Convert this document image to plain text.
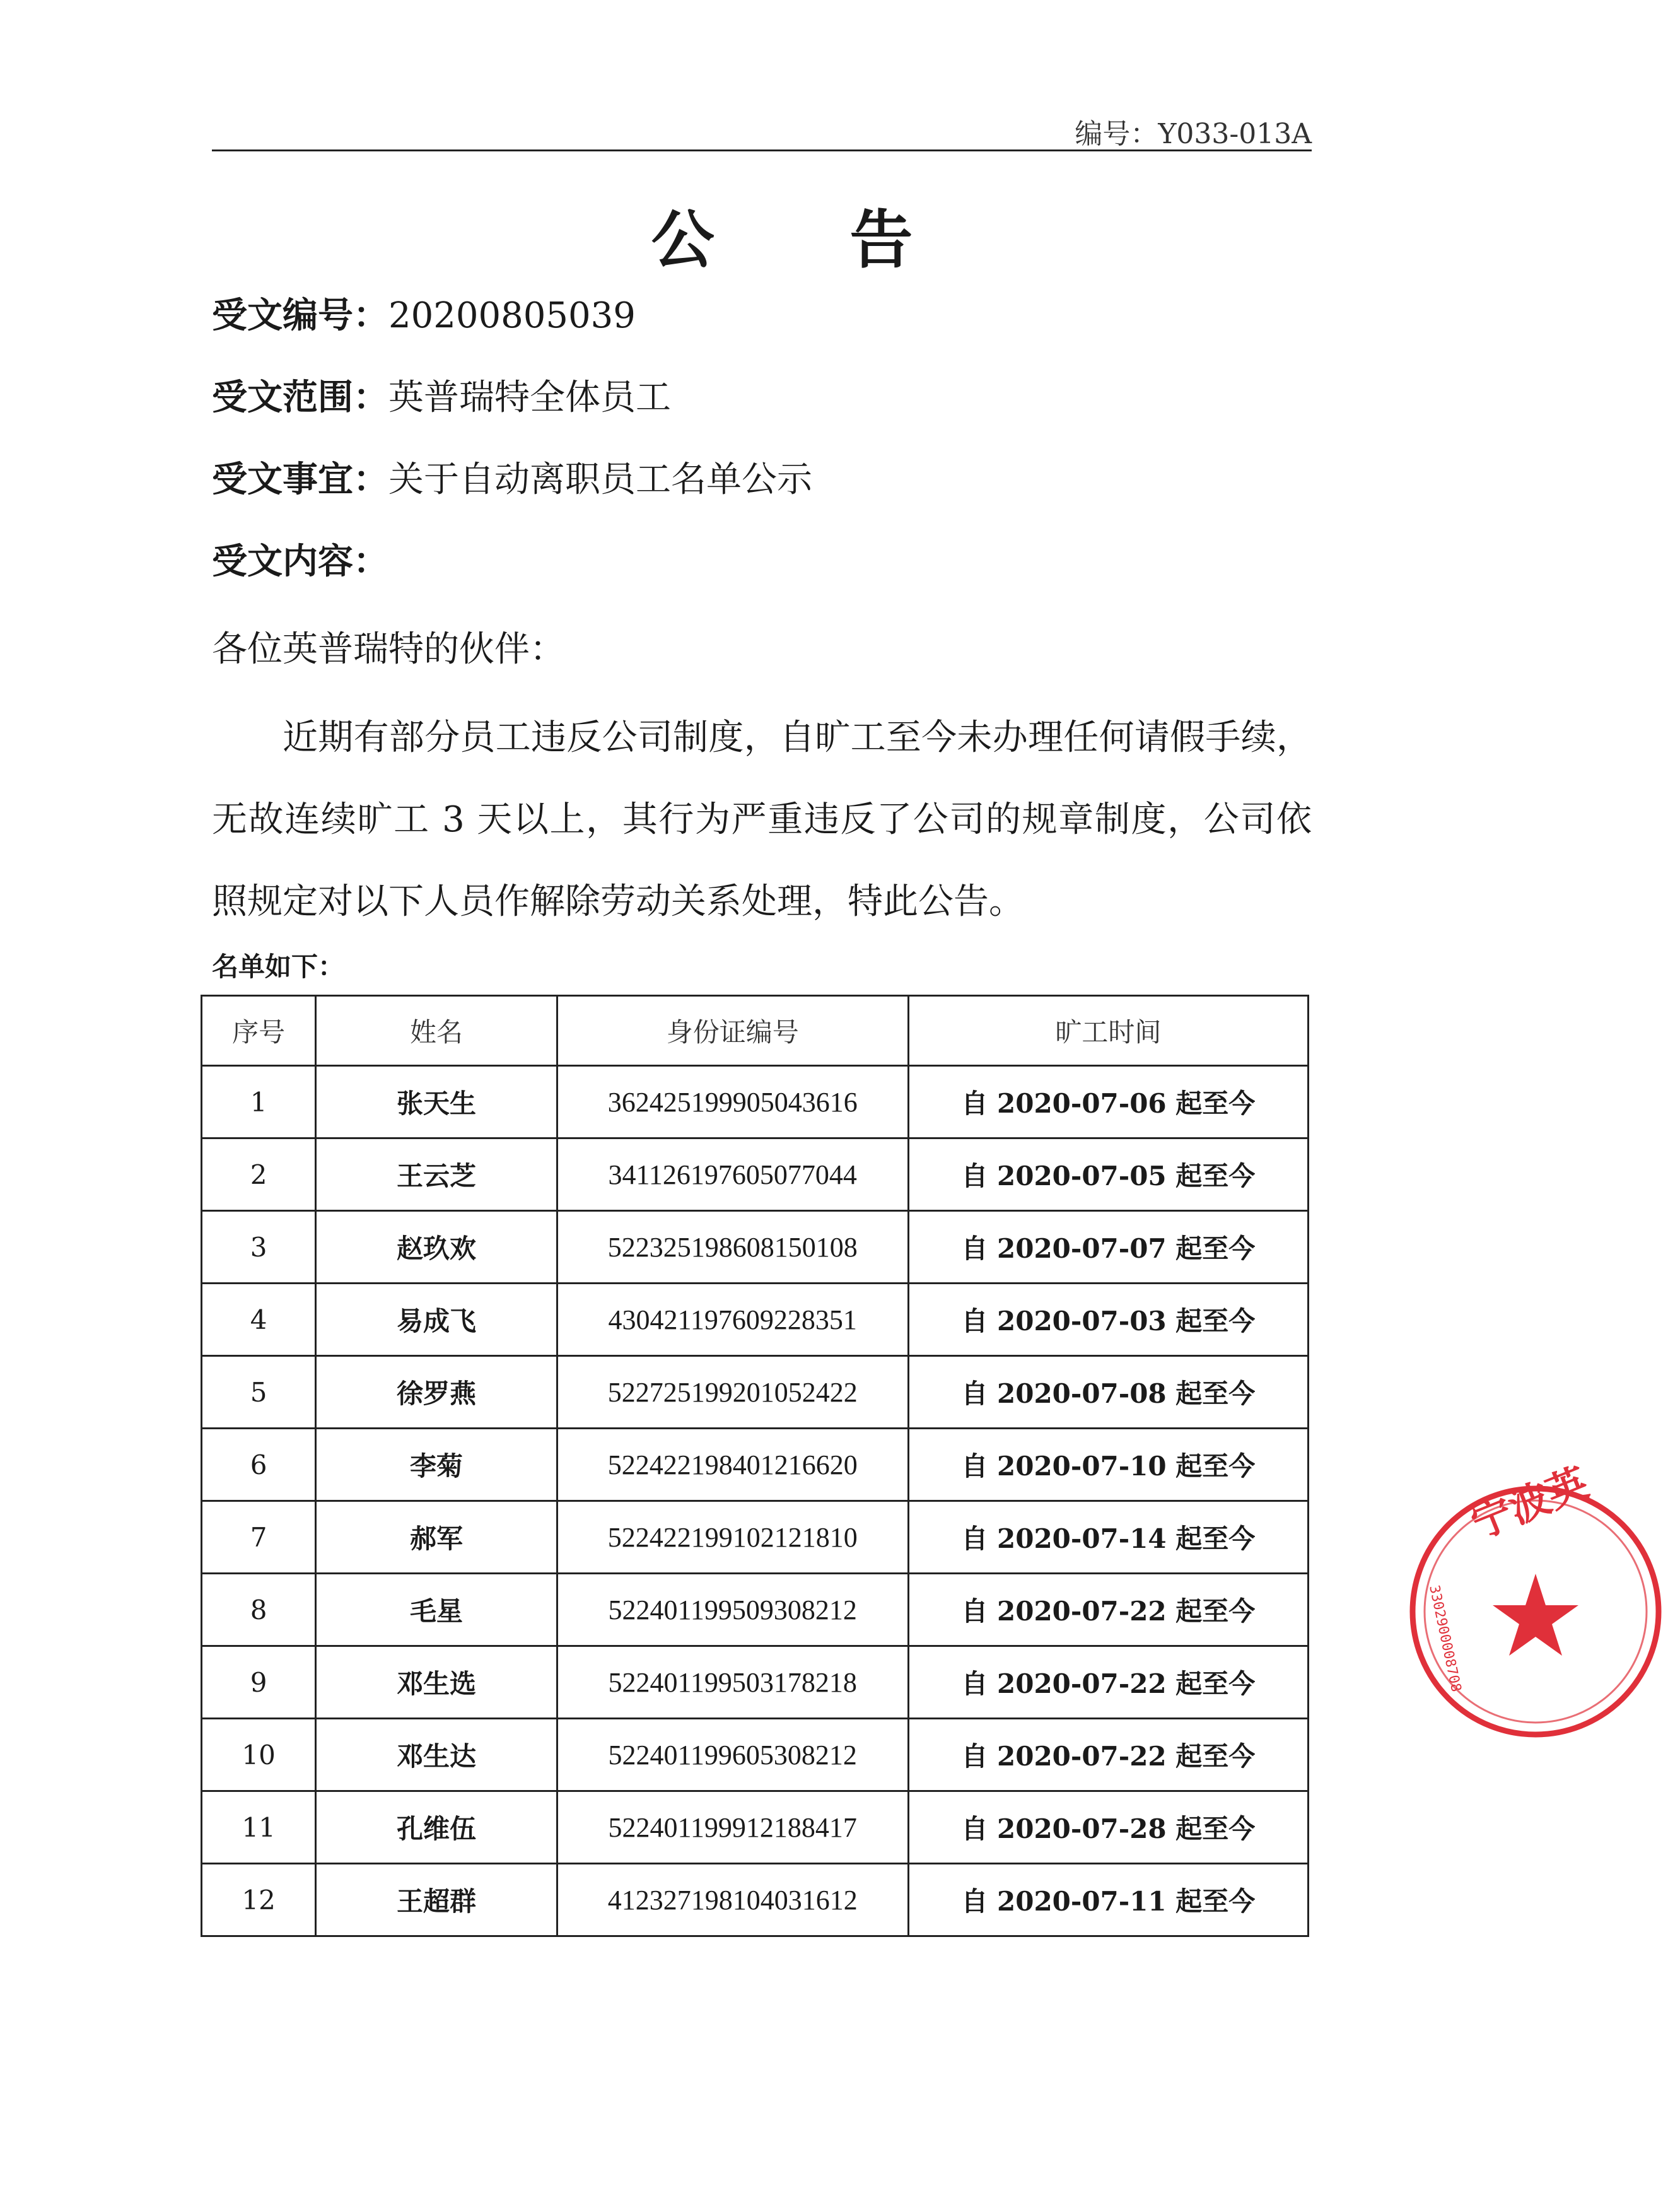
编号：Y033-013A
公 告
受文编号：20200805039
受文范围：英普瑞特全体员工
受文事宜：关于自动离职员工名单公示
受文内容：
各位英普瑞特的伙伴：
近期有部分员工违反公司制度，自旷工至今未办理任何请假手续，无故连续旷工 3 天以上，其行为严重违反了公司的规章制度，公司依照规定对以下人员作解除劳动关系处理，特此公告。
名单如下：
序号	姓名	身份证编号	旷工时间
1	张天生	362425199905043616	自 2020-07-06 起至今
2	王云芝	341126197605077044	自 2020-07-05 起至今
3	赵玖欢	522325198608150108	自 2020-07-07 起至今
4	易成飞	430421197609228351	自 2020-07-03 起至今
5	徐罗燕	522725199201052422	自 2020-07-08 起至今
6	李菊	522422198401216620	自 2020-07-10 起至今
7	郝军	522422199102121810	自 2020-07-14 起至今
8	毛星	522401199509308212	自 2020-07-22 起至今
9	邓生选	522401199503178218	自 2020-07-22 起至今
10	邓生达	522401199605308212	自 2020-07-22 起至今
11	孔维伍	522401199912188417	自 2020-07-28 起至今
12	王超群	412327198104031612	自 2020-07-11 起至今
宁波英
3302900008708
